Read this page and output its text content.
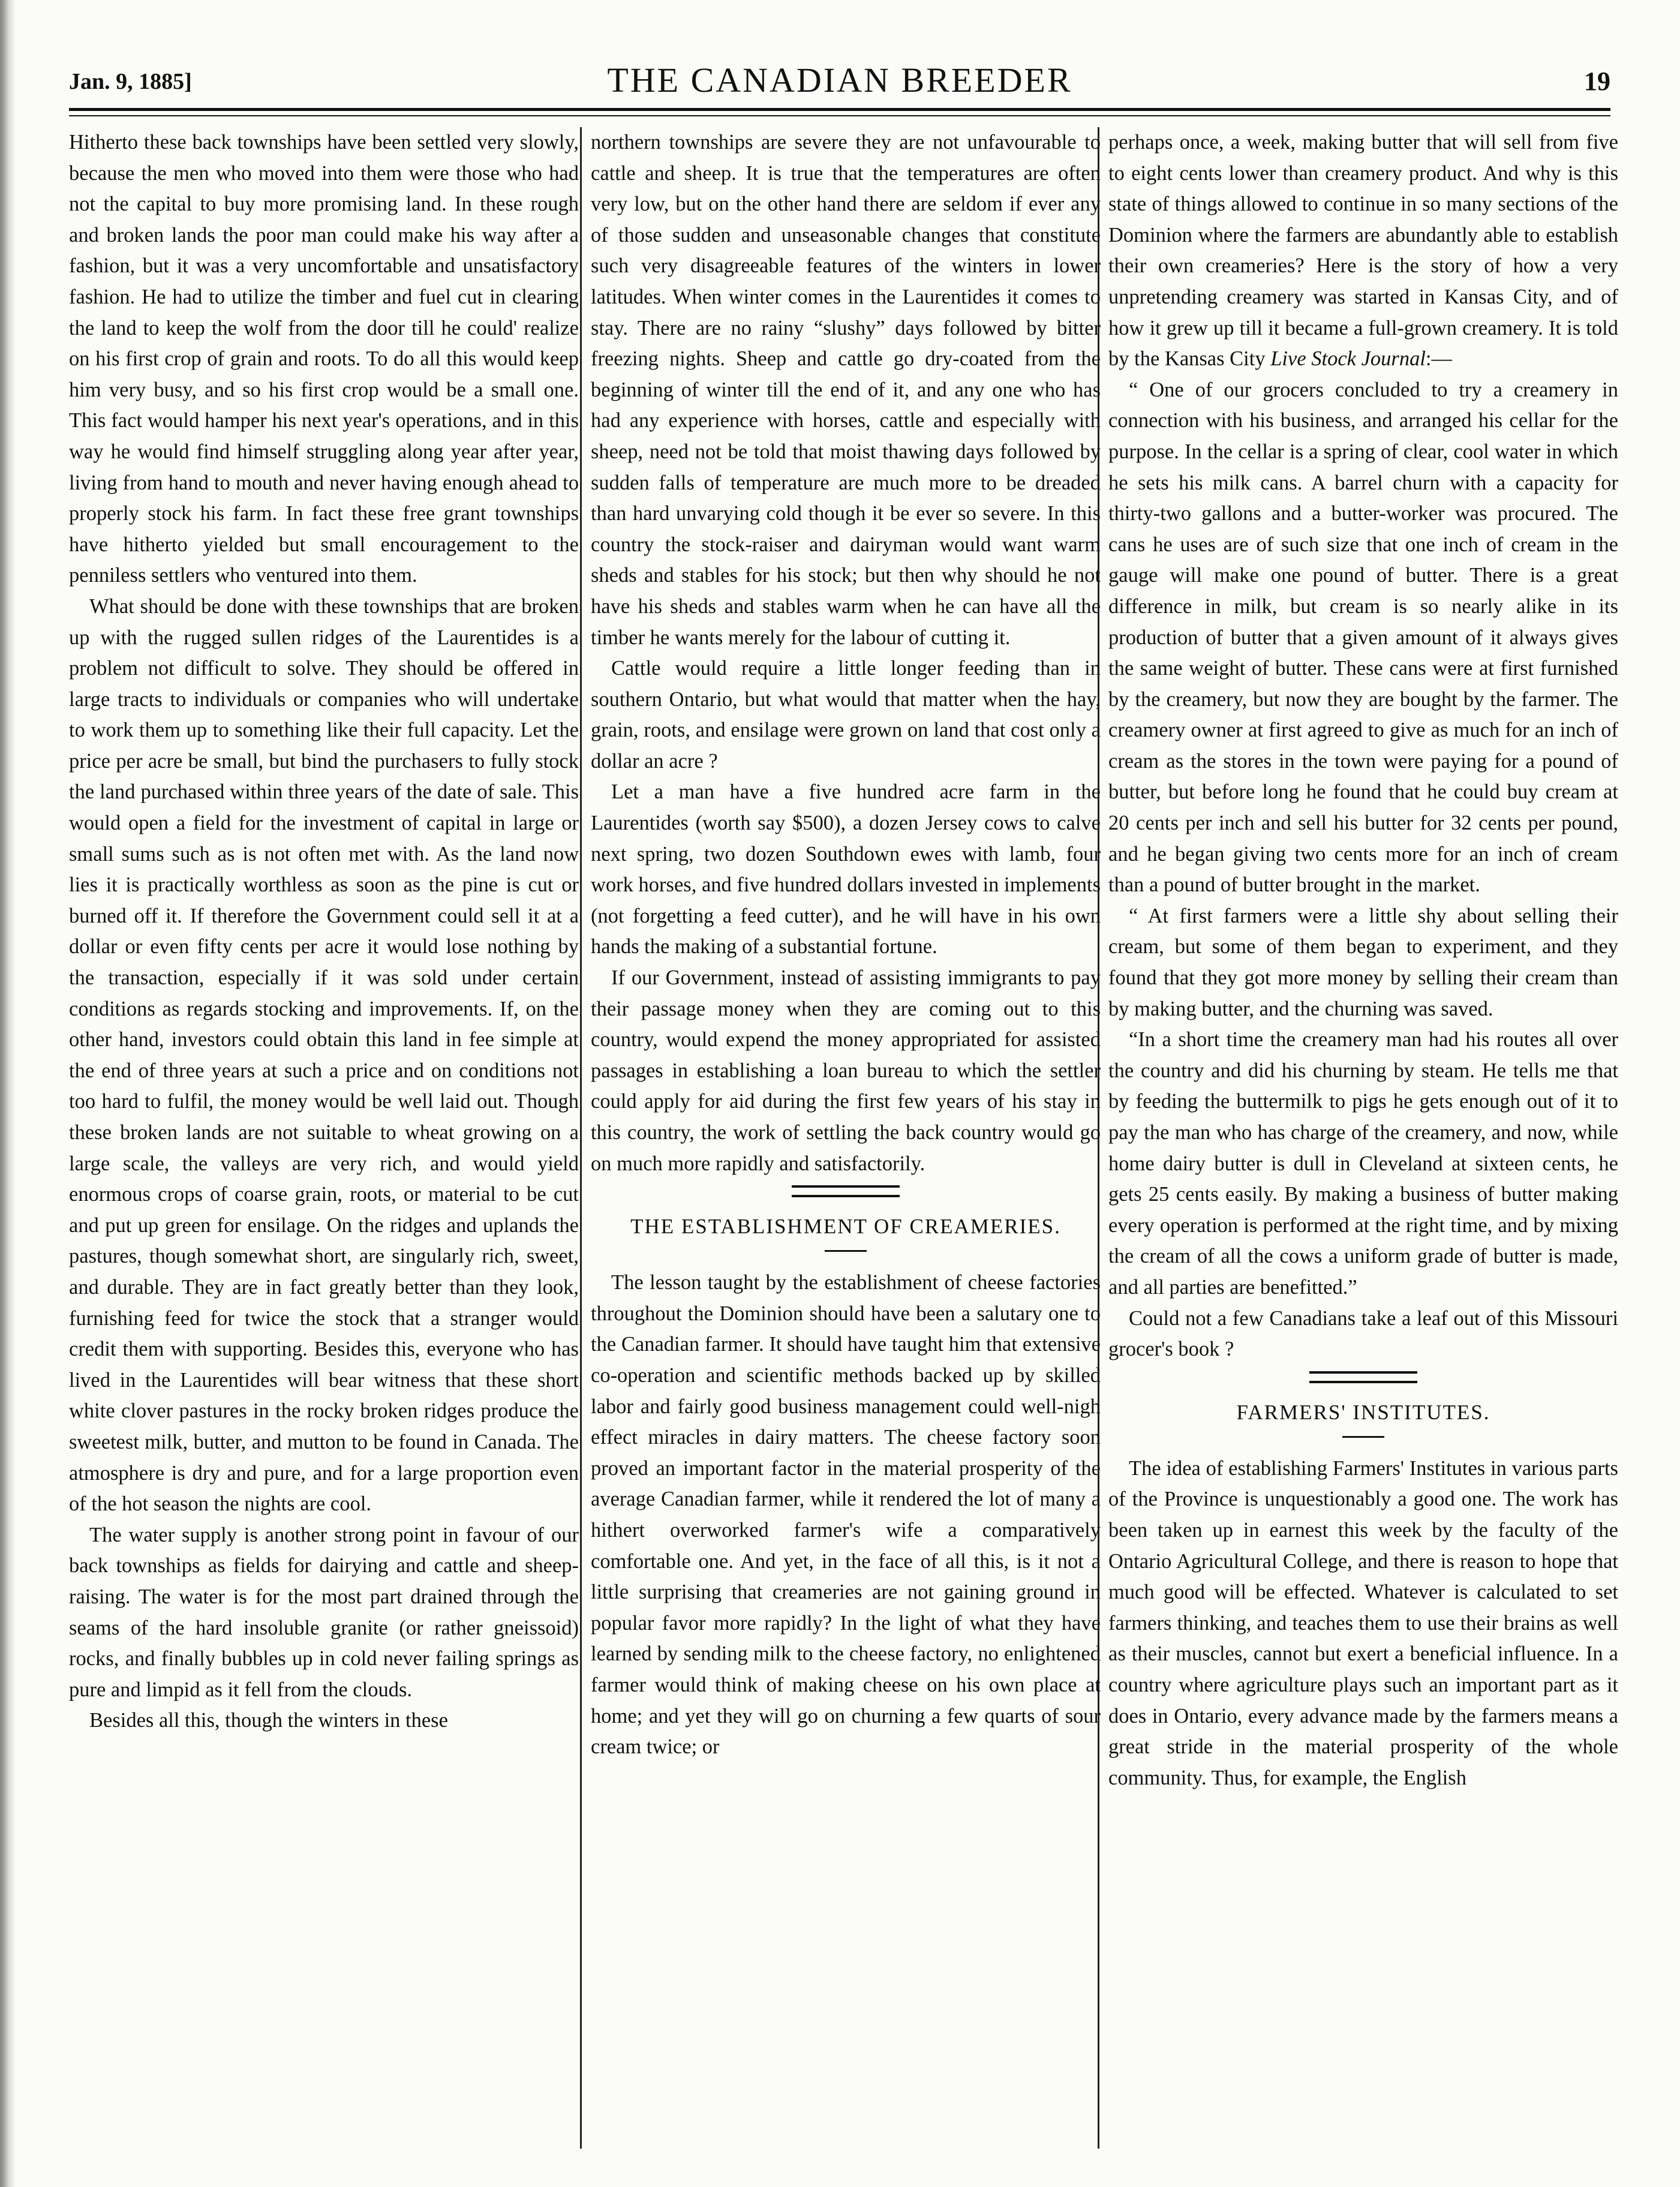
Jan. 9, 1885]	THE CANADIAN BREEDER	19

Hitherto these back townships have been settled very slowly, because the men who moved into them were those who had not the capital to buy more promising land. In these rough and broken lands the poor man could make his way after a fashion, but it was a very uncomfortable and unsatisfactory fashion. He had to utilize the timber and fuel cut in clearing the land to keep the wolf from the door till he could' realize on his first crop of grain and roots. To do all this would keep him very busy, and so his first crop would be a small one. This fact would hamper his next year's operations, and in this way he would find himself struggling along year after year, living from hand to mouth and never having enough ahead to properly stock his farm. In fact these free grant townships have hitherto yielded but small encouragement to the penniless settlers who ventured into them.

What should be done with these townships that are broken up with the rugged sullen ridges of the Laurentides is a problem not difficult to solve. They should be offered in large tracts to individuals or companies who will undertake to work them up to something like their full capacity. Let the price per acre be small, but bind the purchasers to fully stock the land purchased within three years of the date of sale. This would open a field for the investment of capital in large or small sums such as is not often met with. As the land now lies it is practically worthless as soon as the pine is cut or burned off it. If therefore the Government could sell it at a dollar or even fifty cents per acre it would lose nothing by the transaction, especially if it was sold under certain conditions as regards stocking and improvements. If, on the other hand, investors could obtain this land in fee simple at the end of three years at such a price and on conditions not too hard to fulfil, the money would be well laid out. Though these broken lands are not suitable to wheat growing on a large scale, the valleys are very rich, and would yield enormous crops of coarse grain, roots, or material to be cut and put up green for ensilage. On the ridges and uplands the pastures, though somewhat short, are singularly rich, sweet, and durable. They are in fact greatly better than they look, furnishing feed for twice the stock that a stranger would credit them with supporting. Besides this, everyone who has lived in the Laurentides will bear witness that these short white clover pastures in the rocky broken ridges produce the sweetest milk, butter, and mutton to be found in Canada. The atmosphere is dry and pure, and for a large proportion even of the hot season the nights are cool.

The water supply is another strong point in favour of our back townships as fields for dairying and cattle and sheep-raising. The water is for the most part drained through the seams of the hard insoluble granite (or rather gneissoid) rocks, and finally bubbles up in cold never failing springs as pure and limpid as it fell from the clouds.

Besides all this, though the winters in these

northern townships are severe they are not unfavourable to cattle and sheep. It is true that the temperatures are often very low, but on the other hand there are seldom if ever any of those sudden and unseasonable changes that constitute such very disagreeable features of the winters in lower latitudes. When winter comes in the Laurentides it comes to stay. There are no rainy “slushy” days followed by bitter freezing nights. Sheep and cattle go dry-coated from the beginning of winter till the end of it, and any one who has had any experience with horses, cattle and especially with sheep, need not be told that moist thawing days followed by sudden falls of temperature are much more to be dreaded than hard unvarying cold though it be ever so severe. In this country the stock-raiser and dairyman would want warm sheds and stables for his stock; but then why should he not have his sheds and stables warm when he can have all the timber he wants merely for the labour of cutting it.

Cattle would require a little longer feeding than in southern Ontario, but what would that matter when the hay, grain, roots, and ensilage were grown on land that cost only a dollar an acre ?

Let a man have a five hundred acre farm in the Laurentides (worth say $500), a dozen Jersey cows to calve next spring, two dozen Southdown ewes with lamb, four work horses, and five hundred dollars invested in implements (not forgetting a feed cutter), and he will have in his own hands the making of a substantial fortune.

If our Government, instead of assisting immigrants to pay their passage money when they are coming out to this country, would expend the money appropriated for assisted passages in establishing a loan bureau to which the settler could apply for aid during the first few years of his stay in this country, the work of settling the back country would go on much more rapidly and satisfactorily.

THE ESTABLISHMENT OF CREAMERIES.

The lesson taught by the establishment of cheese factories throughout the Dominion should have been a salutary one to the Canadian farmer. It should have taught him that extensive co-operation and scientific methods backed up by skilled labor and fairly good business management could well-nigh effect miracles in dairy matters. The cheese factory soon proved an important factor in the material prosperity of the average Canadian farmer, while it rendered the lot of many a hithert overworked farmer's wife a comparatively comfortable one. And yet, in the face of all this, is it not a little surprising that creameries are not gaining ground in popular favor more rapidly? In the light of what they have learned by sending milk to the cheese factory, no enlightened farmer would think of making cheese on his own place at home; and yet they will go on churning a few quarts of sour cream twice; or

perhaps once, a week, making butter that will sell from five to eight cents lower than creamery product. And why is this state of things allowed to continue in so many sections of the Dominion where the farmers are abundantly able to establish their own creameries? Here is the story of how a very unpretending creamery was started in Kansas City, and of how it grew up till it became a full-grown creamery. It is told by the Kansas City Live Stock Journal:—

“ One of our grocers concluded to try a creamery in connection with his business, and arranged his cellar for the purpose. In the cellar is a spring of clear, cool water in which he sets his milk cans. A barrel churn with a capacity for thirty-two gallons and a butter-worker was procured. The cans he uses are of such size that one inch of cream in the gauge will make one pound of butter. There is a great difference in milk, but cream is so nearly alike in its production of butter that a given amount of it always gives the same weight of butter. These cans were at first furnished by the creamery, but now they are bought by the farmer. The creamery owner at first agreed to give as much for an inch of cream as the stores in the town were paying for a pound of butter, but before long he found that he could buy cream at 20 cents per inch and sell his butter for 32 cents per pound, and he began giving two cents more for an inch of cream than a pound of butter brought in the market.

“ At first farmers were a little shy about selling their cream, but some of them began to experiment, and they found that they got more money by selling their cream than by making butter, and the churning was saved.

“In a short time the creamery man had his routes all over the country and did his churning by steam. He tells me that by feeding the buttermilk to pigs he gets enough out of it to pay the man who has charge of the creamery, and now, while home dairy butter is dull in Cleveland at sixteen cents, he gets 25 cents easily. By making a business of butter making every operation is performed at the right time, and by mixing the cream of all the cows a uniform grade of butter is made, and all parties are benefitted.”

Could not a few Canadians take a leaf out of this Missouri grocer's book ?

FARMERS' INSTITUTES.

The idea of establishing Farmers' Institutes in various parts of the Province is unquestionably a good one. The work has been taken up in earnest this week by the faculty of the Ontario Agricultural College, and there is reason to hope that much good will be effected. Whatever is calculated to set farmers thinking, and teaches them to use their brains as well as their muscles, cannot but exert a beneficial influence. In a country where agriculture plays such an important part as it does in Ontario, every advance made by the farmers means a great stride in the material prosperity of the whole community. Thus, for example, the English
